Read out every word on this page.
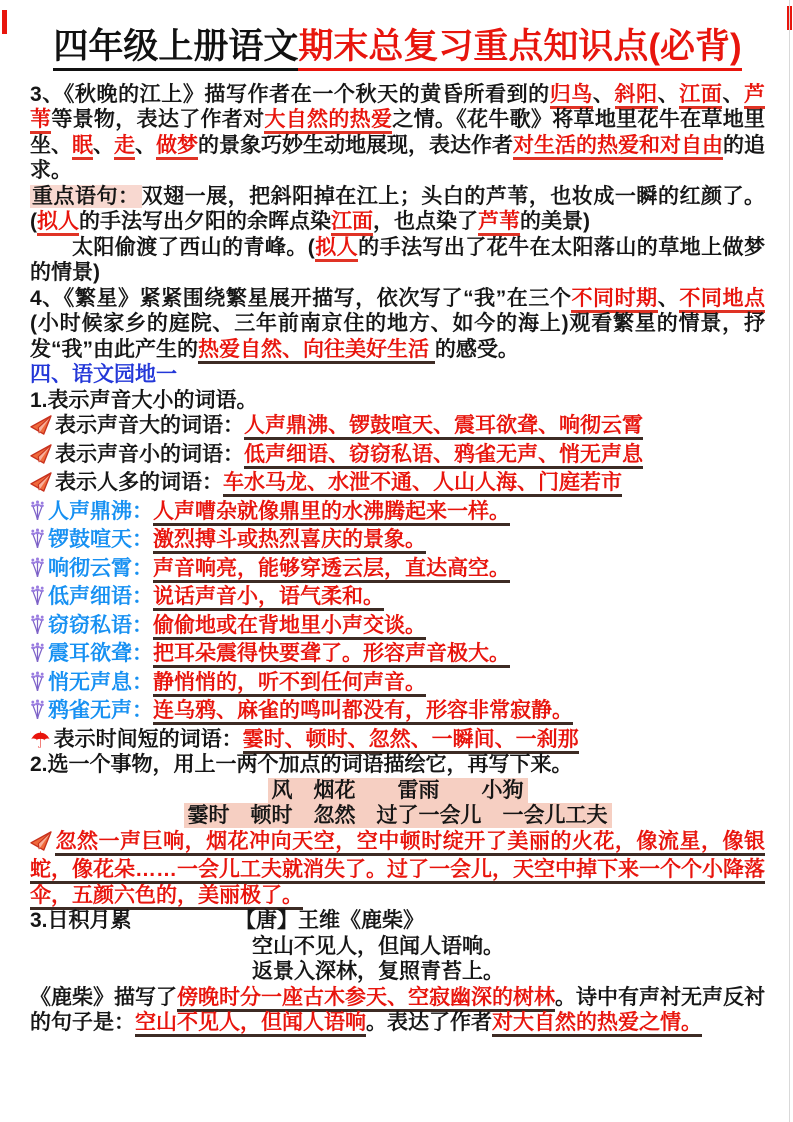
四年级上册语文期末总复习重点知识点(必背)
3、《秋晚的江上》描写作者在一个秋天的黄昏所看到的归鸟、斜阳、江面、芦苇等景物，表达了作者对大自然的热爱之情。《花牛歌》将草地里花牛在草地里坐、眠、走、做梦的景象巧妙生动地展现，表达作者对生活的热爱和对自由的追求。
重点语句：双翅一展，把斜阳掉在江上；头白的芦苇，也妆成一瞬的红颜了。(拟人的手法写出夕阳的余晖点染江面，也点染了芦苇的美景)
太阳偷渡了西山的青峰。(拟人的手法写出了花牛在太阳落山的草地上做梦的情景)
4、《繁星》紧紧围绕繁星展开描写，依次写了“我”在三个不同时期、不同地点(小时候家乡的庭院、三年前南京住的地方、如今的海上)观看繁星的情景，抒发“我”由此产生的热爱自然、向往美好生活 的感受。
四、语文园地一
1.表示声音大小的词语。
表示声音大的词语：人声鼎沸、锣鼓喧天、震耳欲聋、响彻云霄
表示声音小的词语：低声细语、窃窃私语、鸦雀无声、悄无声息
表示人多的词语：车水马龙、水泄不通、人山人海、门庭若市
人声鼎沸：人声嘈杂就像鼎里的水沸腾起来一样。
锣鼓喧天：激烈搏斗或热烈喜庆的景象。
响彻云霄：声音响亮，能够穿透云层，直达高空。
低声细语：说话声音小，语气柔和。
窃窃私语：偷偷地或在背地里小声交谈。
震耳欲聋：把耳朵震得快要聋了。形容声音极大。
悄无声息：静悄悄的，听不到任何声音。
鸦雀无声：连乌鸦、麻雀的鸣叫都没有，形容非常寂静。
☂ 表示时间短的词语：霎时、顿时、忽然、一瞬间、一刹那
2.选一个事物，用上一两个加点的词语描绘它，再写下来。
风　烟花　　雷雨　　小狗
霎时　顿时　忽然　过了一会儿　一会儿工夫
忽然一声巨响，烟花冲向天空，空中顿时绽开了美丽的火花，像流星，像银蛇，像花朵……一会儿工夫就消失了。过了一会儿，天空中掉下来一个个小降落伞，五颜六色的，美丽极了。
3.日积月累	【唐】王维《鹿柴》
空山不见人，但闻人语响。
返景入深林，复照青苔上。
《鹿柴》描写了傍晚时分一座古木参天、空寂幽深的树林。诗中有声衬无声反衬的句子是：空山不见人，但闻人语响。表达了作者对大自然的热爱之情。
